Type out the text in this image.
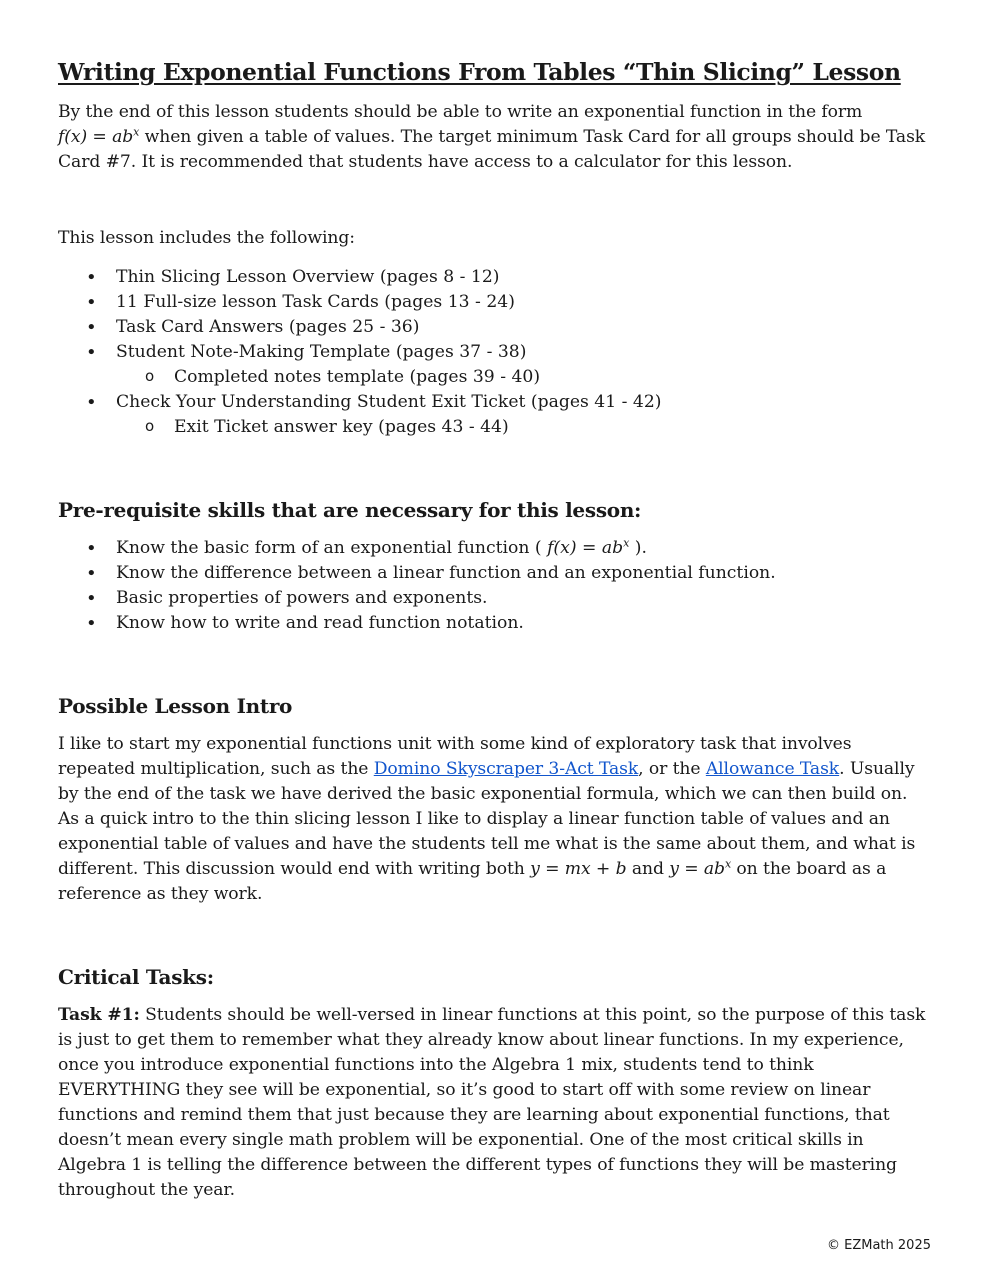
Writing Exponential Functions From Tables “Thin Slicing” Lesson

By the end of this lesson students should be able to write an exponential function in the form
$f(x) = ab^x$ when given a table of values. The target minimum Task Card for all groups should be Task Card #7. It is recommended that students have access to a calculator for this lesson.

This lesson includes the following:

• Thin Slicing Lesson Overview (pages 8 - 12)
• 11 Full-size lesson Task Cards (pages 13 - 24)
• Task Card Answers (pages 25 - 36)
• Student Note-Making Template (pages 37 - 38)
o Completed notes template (pages 39 - 40)
• Check Your Understanding Student Exit Ticket (pages 41 - 42)
o Exit Ticket answer key (pages 43 - 44)
Pre-requisite skills that are necessary for this lesson:
• Know the basic form of an exponential function ( $f(x) = ab^x$ ).
• Know the difference between a linear function and an exponential function.
• Basic properties of powers and exponents.
• Know how to write and read function notation.
Possible Lesson Intro

I like to start my exponential functions unit with some kind of exploratory task that involves repeated multiplication, such as the Domino Skyscraper 3-Act Task, or the Allowance Task. Usually by the end of the task we have derived the basic exponential formula, which we can then build on. As a quick intro to the thin slicing lesson I like to display a linear function table of values and an exponential table of values and have the students tell me what is the same about them, and what is different. This discussion would end with writing both y = mx + b and $y = ab^x$ on the board as a reference as they work.

Critical Tasks:

Task #1: Students should be well-versed in linear functions at this point, so the purpose of this task is just to get them to remember what they already know about linear functions. In my experience, once you introduce exponential functions into the Algebra 1 mix, students tend to think EVERYTHING they see will be exponential, so it’s good to start off with some review on linear functions and remind them that just because they are learning about exponential functions, that doesn’t mean every single math problem will be exponential. One of the most critical skills in Algebra 1 is telling the difference between the different types of functions they will be mastering throughout the year.

© EZMath 2025
